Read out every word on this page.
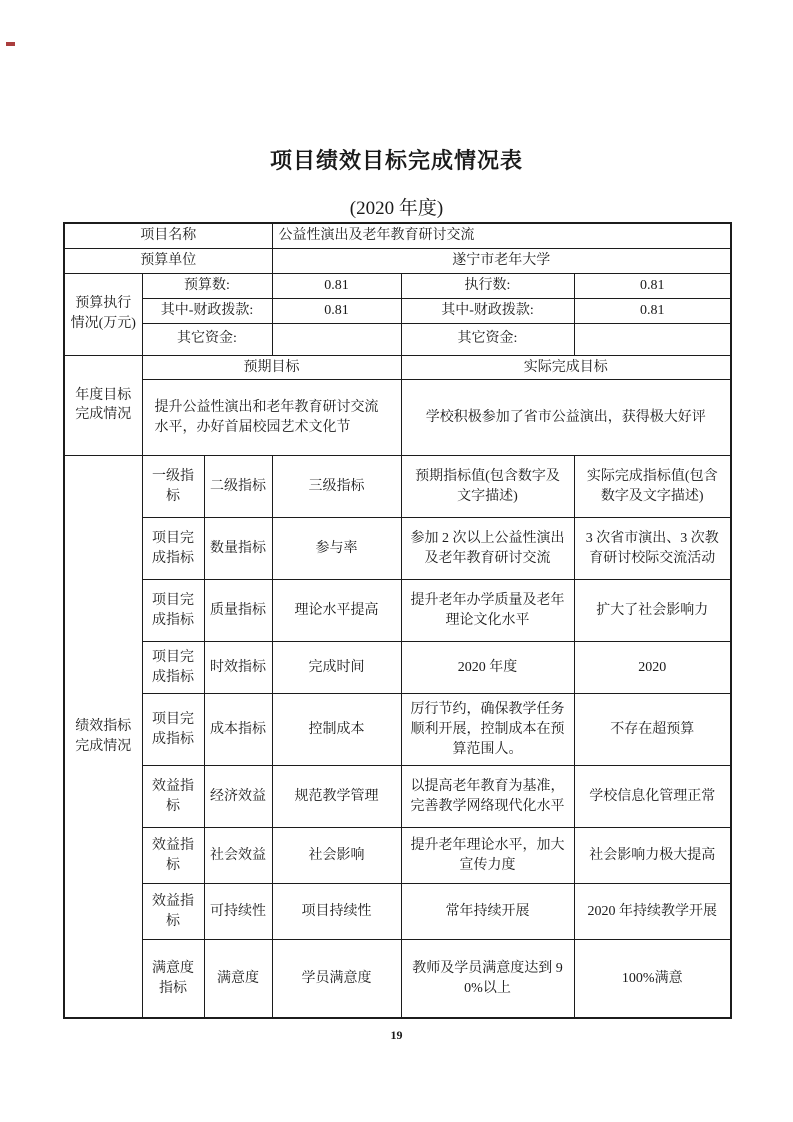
项目绩效目标完成情况表
(2020 年度)
项目名称			公益性演出及老年教育研讨交流		
预算单位			遂宁市老年大学		
预算执行情况(万元)	预算数:		0.81	执行数:	0.81
	其中-财政拨款:		0.81	其中-财政拨款:	0.81
	其它资金:			其它资金:	
年度目标完成情况	预期目标			实际完成目标	
	提升公益性演出和老年教育研讨交流水平，办好首届校园艺术文化节			学校积极参加了省市公益演出，获得极大好评	
绩效指标完成情况	一级指标	二级指标	三级指标	预期指标值(包含数字及文字描述)	实际完成指标值(包含数字及文字描述)
	项目完成指标	数量指标	参与率	参加 2 次以上公益性演出及老年教育研讨交流	3 次省市演出、3 次教育研讨校际交流活动
	项目完成指标	质量指标	理论水平提高	提升老年办学质量及老年理论文化水平	扩大了社会影响力
	项目完成指标	时效指标	完成时间	2020 年度	2020
	项目完成指标	成本指标	控制成本	厉行节约，确保教学任务顺利开展，控制成本在预算范围人。	不存在超预算
	效益指标	经济效益	规范教学管理	以提高老年教育为基准，完善教学网络现代化水平	学校信息化管理正常
	效益指标	社会效益	社会影响	提升老年理论水平，加大宣传力度	社会影响力极大提高
	效益指标	可持续性	项目持续性	常年持续开展	2020 年持续教学开展
	满意度指标	满意度	学员满意度	教师及学员满意度达到 90%以上	100%满意
19
